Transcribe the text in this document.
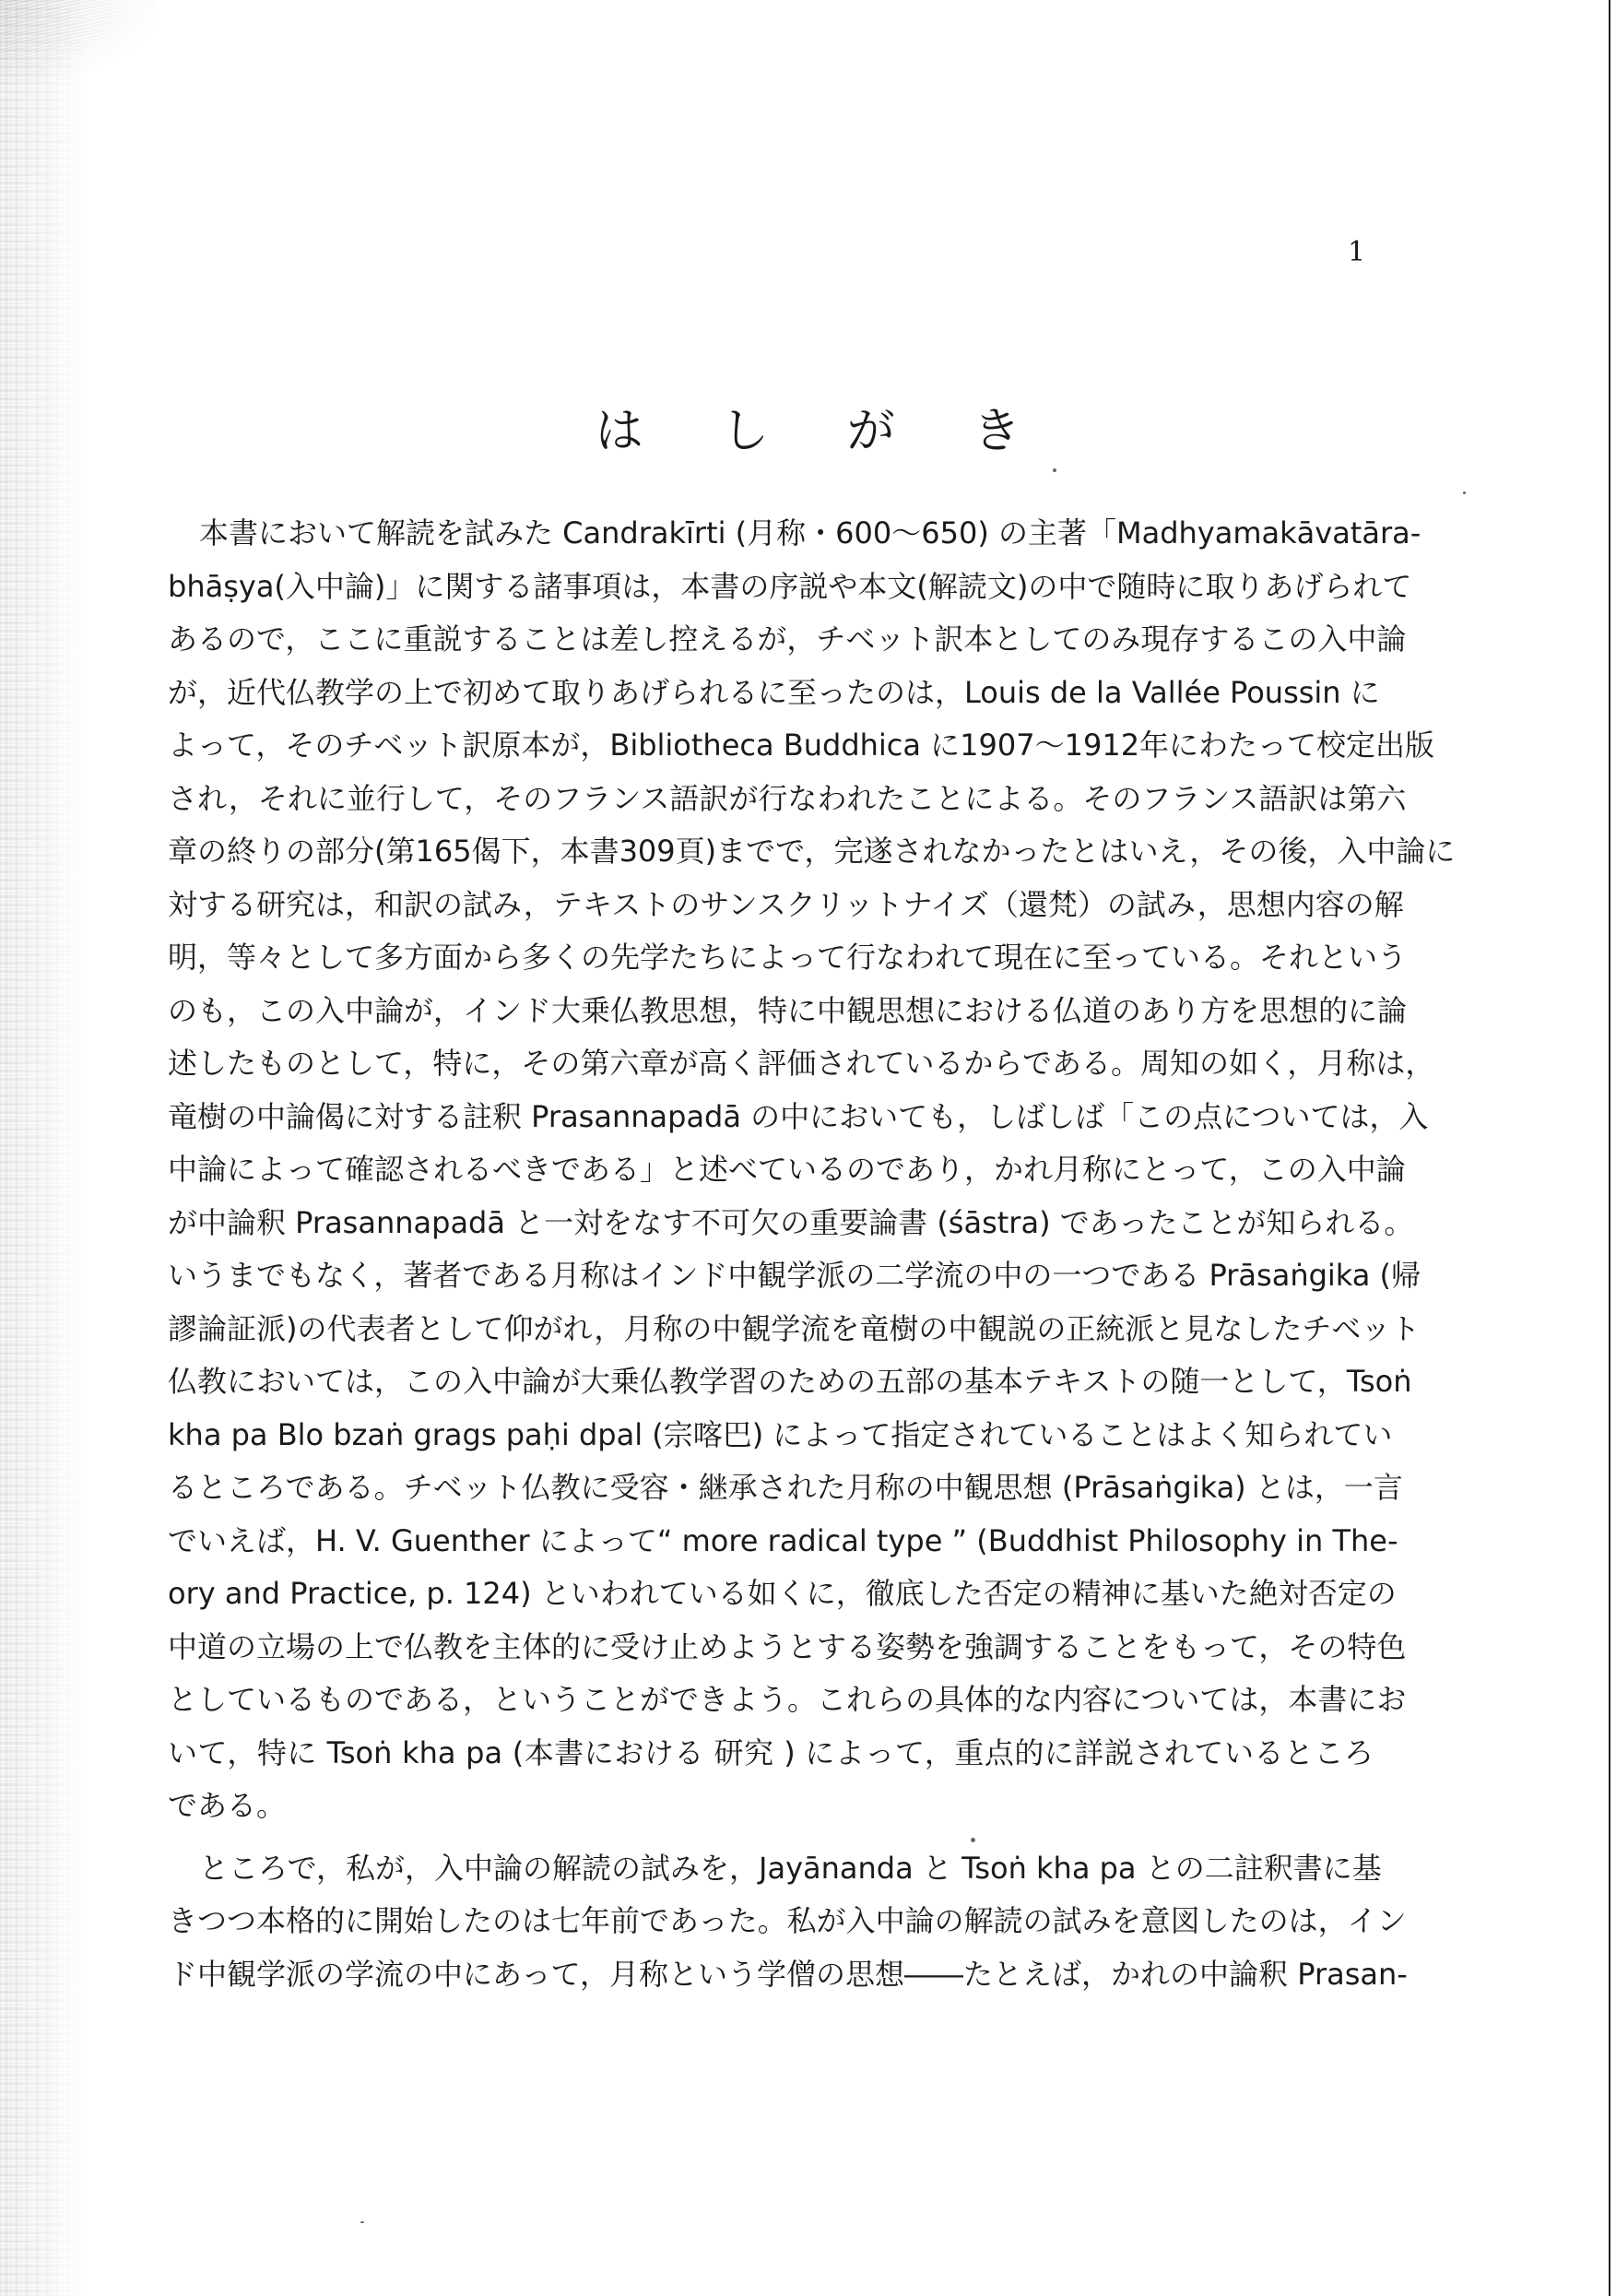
1
は し が き
本書において解読を試みた Candrakīrti (月称・600〜650) の主著「Madhyamakāvatāra-
bhāṣya(入中論)」に関する諸事項は，本書の序説や本文(解読文)の中で随時に取りあげられて
あるので，ここに重説することは差し控えるが，チベット訳本としてのみ現存するこの入中論
が，近代仏教学の上で初めて取りあげられるに至ったのは，Louis de la Vallée Poussin に
よって，そのチベット訳原本が，Bibliotheca Buddhica に1907〜1912年にわたって校定出版
され，それに並行して，そのフランス語訳が行なわれたことによる。そのフランス語訳は第六
章の終りの部分(第165偈下，本書309頁)までで，完遂されなかったとはいえ，その後，入中論に
対する研究は，和訳の試み，テキストのサンスクリットナイズ（還梵）の試み，思想内容の解
明，等々として多方面から多くの先学たちによって行なわれて現在に至っている。それという
のも，この入中論が，インド大乗仏教思想，特に中観思想における仏道のあり方を思想的に論
述したものとして，特に，その第六章が高く評価されているからである。周知の如く，月称は，
竜樹の中論偈に対する註釈 Prasannapadā の中においても，しばしば「この点については，入
中論によって確認されるべきである」と述べているのであり，かれ月称にとって，この入中論
が中論釈 Prasannapadā と一対をなす不可欠の重要論書 (śāstra) であったことが知られる。
いうまでもなく，著者である月称はインド中観学派の二学流の中の一つである Prāsaṅgika (帰
謬論証派)の代表者として仰がれ，月称の中観学流を竜樹の中観説の正統派と見なしたチベット
仏教においては，この入中論が大乗仏教学習のための五部の基本テキストの随一として，Tsoṅ
kha pa Blo bzaṅ grags paḥi dpal (宗喀巴) によって指定されていることはよく知られてい
るところである。チベット仏教に受容・継承された月称の中観思想 (Prāsaṅgika) とは，一言
でいえば，H. V. Guenther によって“ more radical type ” (Buddhist Philosophy in The-
ory and Practice, p. 124) といわれている如くに，徹底した否定の精神に基いた絶対否定の
中道の立場の上で仏教を主体的に受け止めようとする姿勢を強調することをもって，その特色
としているものである，ということができよう。これらの具体的な内容については，本書にお
いて，特に Tsoṅ kha pa (本書における 研究 ) によって，重点的に詳説されているところ
である。
ところで，私が，入中論の解読の試みを，Jayānanda と Tsoṅ kha pa との二註釈書に基
きつつ本格的に開始したのは七年前であった。私が入中論の解読の試みを意図したのは，イン
ド中観学派の学流の中にあって，月称という学僧の思想――たとえば，かれの中論釈 Prasan-
